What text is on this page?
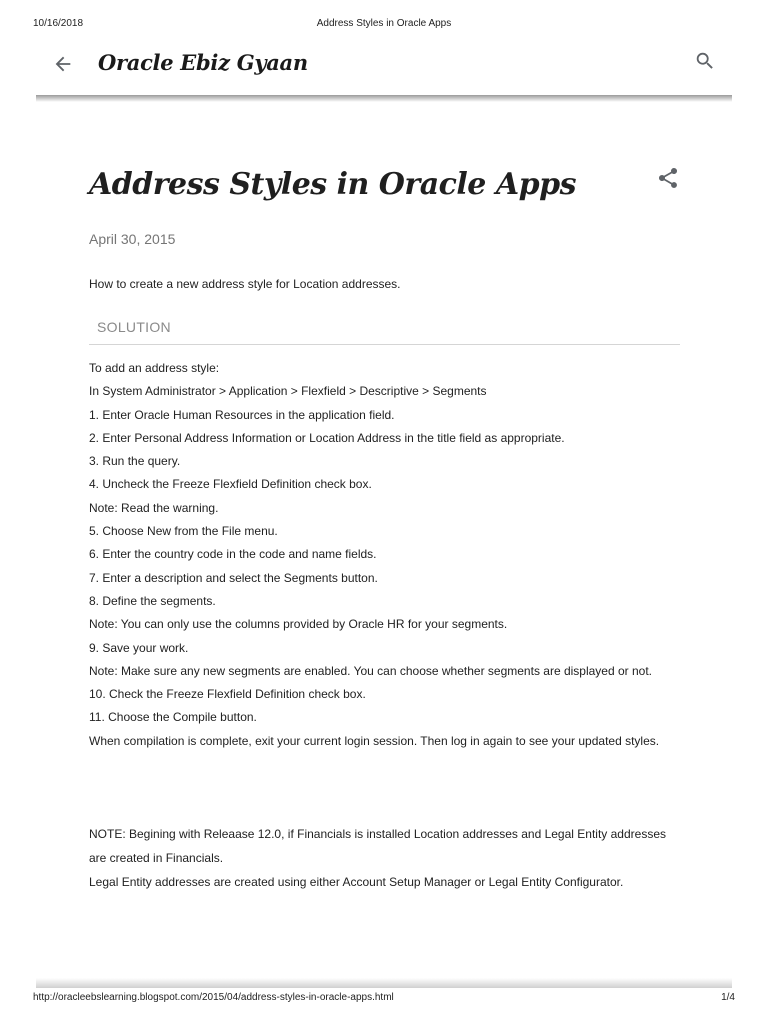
10/16/2018	Address Styles in Oracle Apps
Oracle Ebiz Gyaan
Address Styles in Oracle Apps
April 30, 2015
How to create a new address style for Location addresses.
SOLUTION
To add an address style:
In System Administrator > Application > Flexfield > Descriptive > Segments
1. Enter Oracle Human Resources in the application field.
2. Enter Personal Address Information or Location Address in the title field as appropriate.
3. Run the query.
4. Uncheck the Freeze Flexfield Definition check box.
Note: Read the warning.
5. Choose New from the File menu.
6. Enter the country code in the code and name fields.
7. Enter a description and select the Segments button.
8. Define the segments.
Note: You can only use the columns provided by Oracle HR for your segments.
9. Save your work.
Note: Make sure any new segments are enabled. You can choose whether segments are displayed or not.
10. Check the Freeze Flexfield Definition check box.
11. Choose the Compile button.
When compilation is complete, exit your current login session. Then log in again to see your updated styles.
NOTE: Begining with Releaase 12.0, if Financials is installed Location addresses and Legal Entity addresses
are created in Financials.
Legal Entity addresses are created using either Account Setup Manager or Legal Entity Configurator.
http://oracleebslearning.blogspot.com/2015/04/address-styles-in-oracle-apps.html	1/4
